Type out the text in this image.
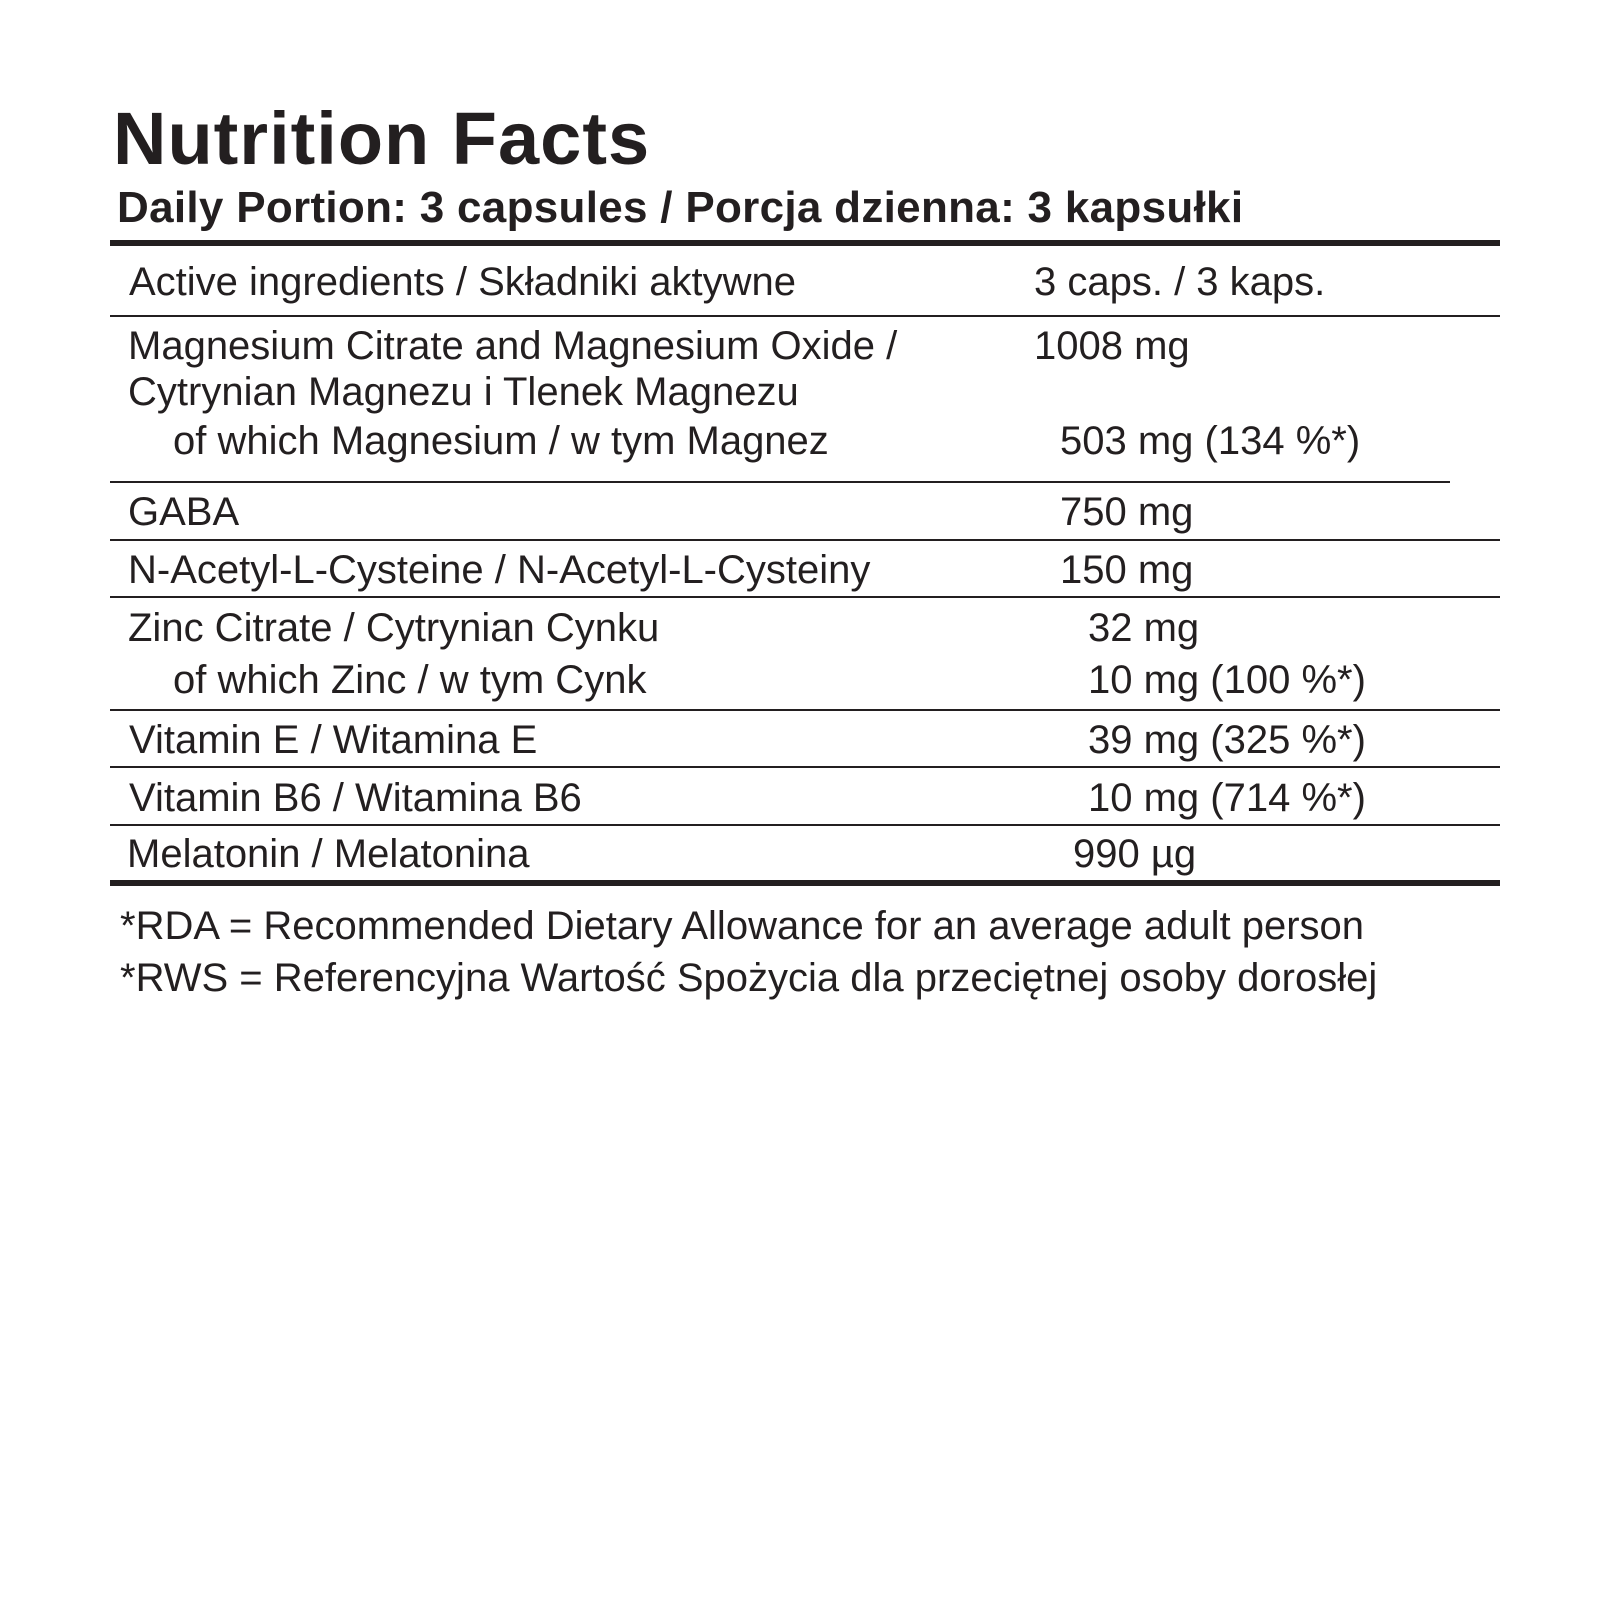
Nutrition Facts
Daily Portion: 3 capsules / Porcja dzienna: 3 kapsułki
Active ingredients / Składniki aktywne	3 caps. / 3 kaps.
Magnesium Citrate and Magnesium Oxide /	1008 mg
Cytrynian Magnezu i Tlenek Magnezu
of which Magnesium / w tym Magnez	503 mg (134 %*)
GABA	750 mg
N-Acetyl-L-Cysteine / N-Acetyl-L-Cysteiny	150 mg
Zinc Citrate / Cytrynian Cynku	32 mg
of which Zinc / w tym Cynk	10 mg (100 %*)
Vitamin E / Witamina E	39 mg (325 %*)
Vitamin B6 / Witamina B6	10 mg (714 %*)
Melatonin / Melatonina	990 µg
*RDA = Recommended Dietary Allowance for an average adult person
*RWS = Referencyjna Wartość Spożycia dla przeciętnej osoby dorosłej
